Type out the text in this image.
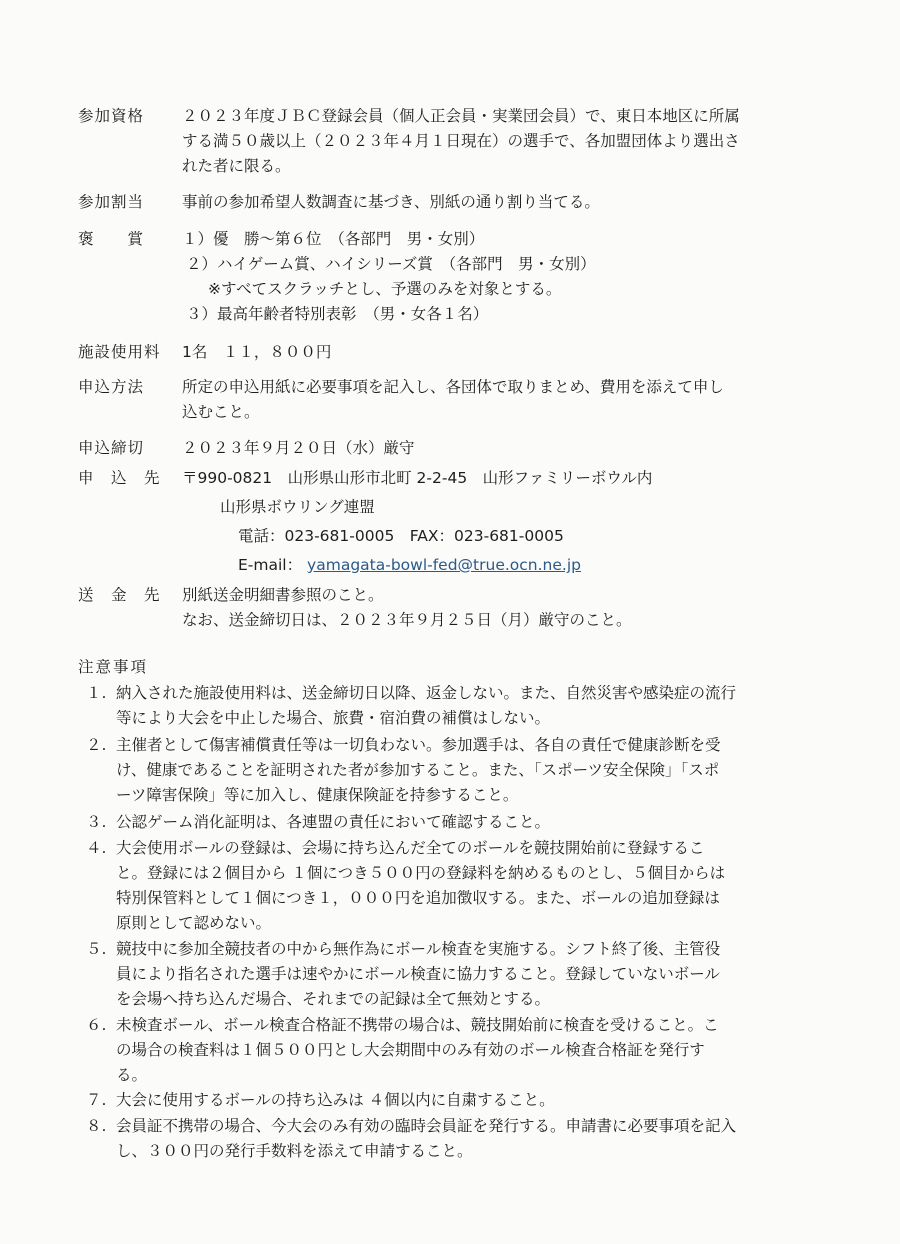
参加資格	２０２３年度ＪＢＣ登録会員（個人正会員・実業団会員）で、東日本地区に所属
する満５０歳以上（２０２３年４月１日現在）の選手で、各加盟団体より選出さ
れた者に限る。
参加割当	事前の参加希望人数調査に基づき、別紙の通り割り当てる。
褒　　賞	１）優　勝～第６位　（各部門　男・女別）
２）ハイゲーム賞、ハイシリーズ賞　（各部門　男・女別）
※すべてスクラッチとし、予選のみを対象とする。
３）最高年齢者特別表彰　（男・女各１名）
施設使用料	1名　１１，８００円
申込方法	所定の申込用紙に必要事項を記入し、各団体で取りまとめ、費用を添えて申し
込むこと。
申込締切	２０２３年９月２０日（水）厳守
申　込　先	〒990-0821　山形県山形市北町 2-2-45　山形ファミリーボウル内
山形県ボウリング連盟
電話：023-681-0005　FAX：023-681-0005
E-mail： yamagata-bowl-fed@true.ocn.ne.jp
送　金　先	別紙送金明細書参照のこと。
なお、送金締切日は、２０２３年９月２５日（月）厳守のこと。
注意事項
１. 納入された施設使用料は、送金締切日以降、返金しない。また、自然災害や感染症の流行
等により大会を中止した場合、旅費・宿泊費の補償はしない。
２. 主催者として傷害補償責任等は一切負わない。参加選手は、各自の責任で健康診断を受
け、健康であることを証明された者が参加すること。また、「スポーツ安全保険」「スポ
ーツ障害保険」等に加入し、健康保険証を持参すること。
３. 公認ゲーム消化証明は、各連盟の責任において確認すること。
４. 大会使用ボールの登録は、会場に持ち込んだ全てのボールを競技開始前に登録するこ
と。登録には２個目から １個につき５００円の登録料を納めるものとし、５個目からは
特別保管料として１個につき１，０００円を追加徴収する。また、ボールの追加登録は
原則として認めない。
５. 競技中に参加全競技者の中から無作為にボール検査を実施する。シフト終了後、主管役
員により指名された選手は速やかにボール検査に協力すること。登録していないボール
を会場へ持ち込んだ場合、それまでの記録は全て無効とする。
６. 未検査ボール、ボール検査合格証不携帯の場合は、競技開始前に検査を受けること。こ
の場合の検査料は１個５００円とし大会期間中のみ有効のボール検査合格証を発行す
る。
７. 大会に使用するボールの持ち込みは ４個以内に自粛すること。
８. 会員証不携帯の場合、今大会のみ有効の臨時会員証を発行する。申請書に必要事項を記入
し、３００円の発行手数料を添えて申請すること。
